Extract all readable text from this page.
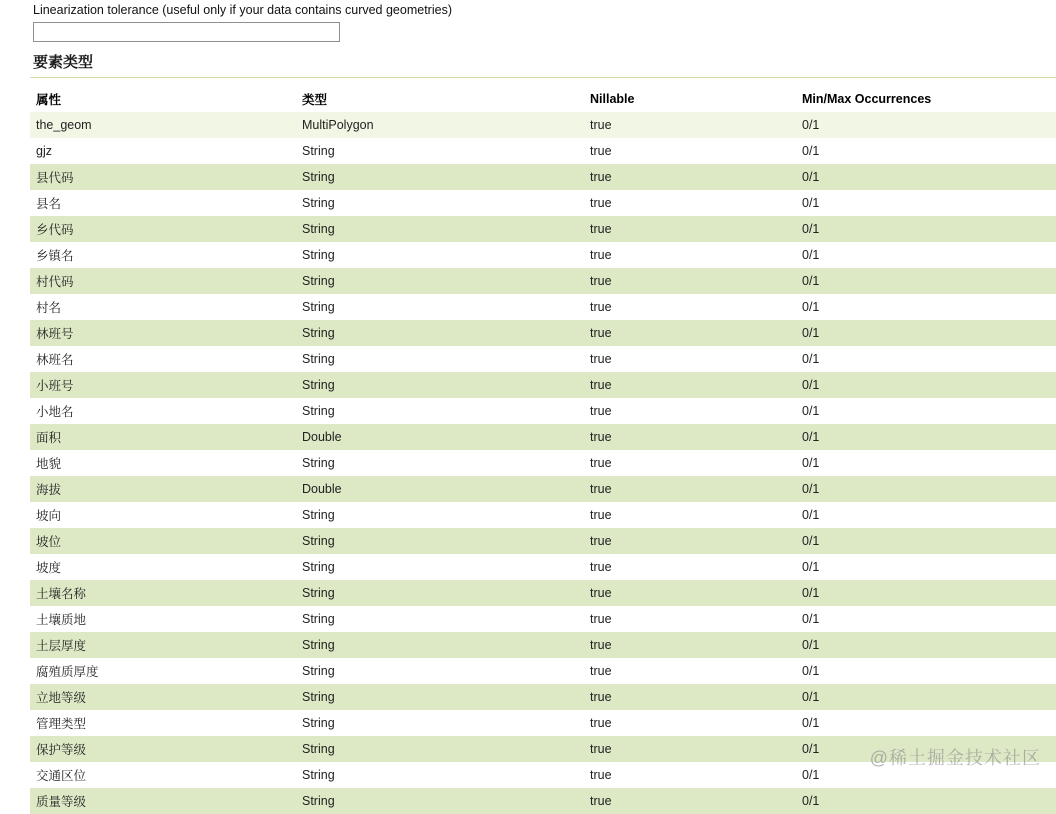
Linearization tolerance (useful only if your data contains curved geometries)
要素类型
属性	类型	Nillable	Min/Max Occurrences
the_geom	MultiPolygon	true	0/1
gjz	String	true	0/1
县代码	String	true	0/1
县名	String	true	0/1
乡代码	String	true	0/1
乡镇名	String	true	0/1
村代码	String	true	0/1
村名	String	true	0/1
林班号	String	true	0/1
林班名	String	true	0/1
小班号	String	true	0/1
小地名	String	true	0/1
面积	Double	true	0/1
地貌	String	true	0/1
海拔	Double	true	0/1
坡向	String	true	0/1
坡位	String	true	0/1
坡度	String	true	0/1
土壤名称	String	true	0/1
土壤质地	String	true	0/1
土层厚度	String	true	0/1
腐殖质厚度	String	true	0/1
立地等级	String	true	0/1
管理类型	String	true	0/1
保护等级	String	true	0/1
交通区位	String	true	0/1
质量等级	String	true	0/1
@稀土掘金技术社区
